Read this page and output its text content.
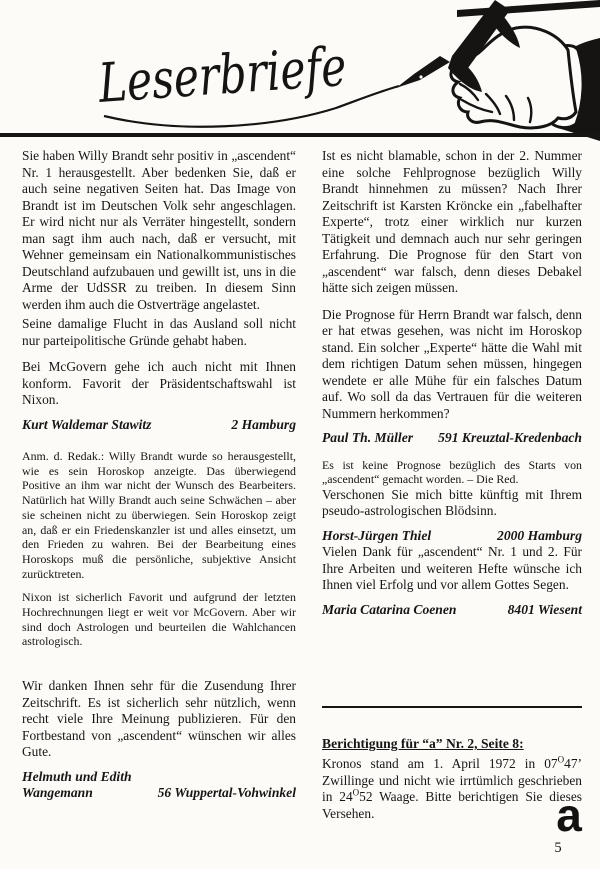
Leserbriefe

Sie haben Willy Brandt sehr positiv in „ascendent“ Nr. 1 herausgestellt. Aber bedenken Sie, daß er auch seine negativen Seiten hat. Das Image von Brandt ist im Deutschen Volk sehr angeschlagen. Er wird nicht nur als Verräter hingestellt, sondern man sagt ihm auch nach, daß er versucht, mit Wehner gemeinsam ein Nationalkommunistisches Deutschland aufzubauen und gewillt ist, uns in die Arme der UdSSR zu treiben. In diesem Sinn werden ihm auch die Ostverträge angelastet.

Seine damalige Flucht in das Ausland soll nicht nur parteipolitische Gründe gehabt haben.

Bei McGovern gehe ich auch nicht mit Ihnen konform. Favorit der Präsidentschaftswahl ist Nixon.

Kurt Waldemar Stawitz	2 Hamburg

Anm. d. Redak.: Willy Brandt wurde so herausgestellt, wie es sein Horoskop anzeigte. Das überwiegend Positive an ihm war nicht der Wunsch des Bearbeiters. Natürlich hat Willy Brandt auch seine Schwächen – aber sie scheinen nicht zu überwiegen. Sein Horoskop zeigt an, daß er ein Friedenskanzler ist und alles einsetzt, um den Frieden zu wahren. Bei der Bearbeitung eines Horoskops muß die persönliche, subjektive Ansicht zurücktreten.

Nixon ist sicherlich Favorit und aufgrund der letzten Hochrechnungen liegt er weit vor McGovern. Aber wir sind doch Astrologen und beurteilen die Wahlchancen astrologisch.

Wir danken Ihnen sehr für die Zusendung Ihrer Zeitschrift. Es ist sicherlich sehr nützlich, wenn recht viele Ihre Meinung publizieren. Für den Fortbestand von „ascendent“ wünschen wir alles Gute.

Helmuth und Edith
Wangemann	56 Wuppertal-Vohwinkel

Ist es nicht blamable, schon in der 2. Nummer eine solche Fehlprognose bezüglich Willy Brandt hinnehmen zu müssen? Nach Ihrer Zeitschrift ist Karsten Kröncke ein „fabelhafter Experte“, trotz einer wirklich nur kurzen Tätigkeit und demnach auch nur sehr geringen Erfahrung. Die Prognose für den Start von „ascendent“ war falsch, denn dieses Debakel hätte sich zeigen müssen.

Die Prognose für Herrn Brandt war falsch, denn er hat etwas gesehen, was nicht im Horoskop stand. Ein solcher „Experte“ hätte die Wahl mit dem richtigen Datum sehen müssen, hingegen wendete er alle Mühe für ein falsches Datum auf. Wo soll da das Vertrauen für die weiteren Nummern herkommen?

Paul Th. Müller 591 Kreuztal-Kredenbach

Es ist keine Prognose bezüglich des Starts von „ascendent“ gemacht worden. – Die Red.

Verschonen Sie mich bitte künftig mit Ihrem pseudo-astrologischen Blödsinn.

Horst-Jürgen Thiel	2000 Hamburg

Vielen Dank für „ascendent“ Nr. 1 und 2. Für Ihre Arbeiten und weiteren Hefte wünsche ich Ihnen viel Erfolg und vor allem Gottes Segen.

Maria Catarina Coenen	8401 Wiesent
Berichtigung für “a” Nr. 2, Seite 8:

Kronos stand am 1. April 1972 in $07^O47$’ Zwillinge und nicht wie irrtümlich geschrieben in $24^O52$ Waage. Bitte berichtigen Sie dieses Versehen.	a
5
